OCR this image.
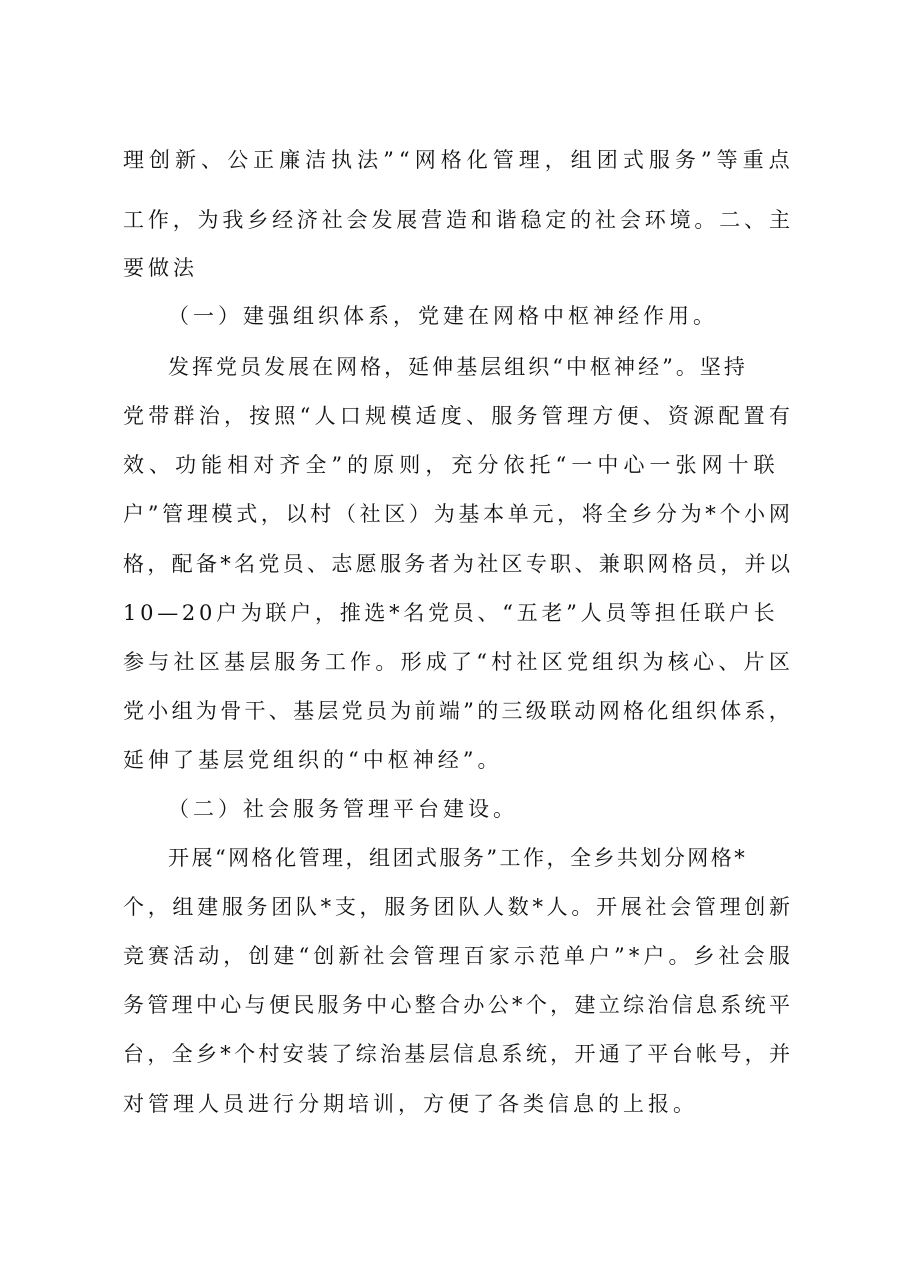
理 创 新 、 公 正 廉 洁 执 法 ” “ 网 格 化 管 理 ， 组 团 式 服 务 ” 等 重 点
工 作 ， 为 我 乡 经 济 社 会 发 展 营 造 和 谐 稳 定 的 社 会 环 境 。 二 、 主
要做法
（一）建强组织体系，党建在网格中枢神经作用。
发 挥 党 员 发 展 在 网 格 ， 延 伸 基 层 组 织 “ 中 枢 神 经 ” 。 坚 持
党 带 群 治 ， 按 照 “ 人 口 规 模 适 度 、 服 务 管 理 方 便 、 资 源 配 置 有
效 、 功 能 相 对 齐 全 ” 的 原 则 ， 充 分 依 托 “ 一 中 心 一 张 网 十 联
户 ” 管 理 模 式 ， 以 村 （ 社 区 ） 为 基 本 单 元 ， 将 全 乡 分 为 * 个 小 网
格 ， 配 备 * 名 党 员 、 志 愿 服 务 者 为 社 区 专 职 、 兼 职 网 格 员 ， 并 以
1 0 — 2 0 户 为 联 户 ， 推 选 * 名 党 员 、 “ 五 老 ” 人 员 等 担 任 联 户 长
参 与 社 区 基 层 服 务 工 作 。 形 成 了 “ 村 社 区 党 组 织 为 核 心 、 片 区
党 小 组 为 骨 干 、 基 层 党 员 为 前 端 ” 的 三 级 联 动 网 格 化 组 织 体 系 ，
延伸了基层党组织的“中枢神经”。
（二）社会服务管理平台建设。
开 展 “ 网 格 化 管 理 ， 组 团 式 服 务 ” 工 作 ， 全 乡 共 划 分 网 格 *
个 ， 组 建 服 务 团 队 * 支 ， 服 务 团 队 人 数 * 人 。 开 展 社 会 管 理 创 新
竞 赛 活 动 ， 创 建 “ 创 新 社 会 管 理 百 家 示 范 单 户 ” * 户 。 乡 社 会 服
务 管 理 中 心 与 便 民 服 务 中 心 整 合 办 公 * 个 ， 建 立 综 治 信 息 系 统 平
台 ， 全 乡 * 个 村 安 装 了 综 治 基 层 信 息 系 统 ， 开 通 了 平 台 帐 号 ， 并
对管理人员进行分期培训，方便了各类信息的上报。
